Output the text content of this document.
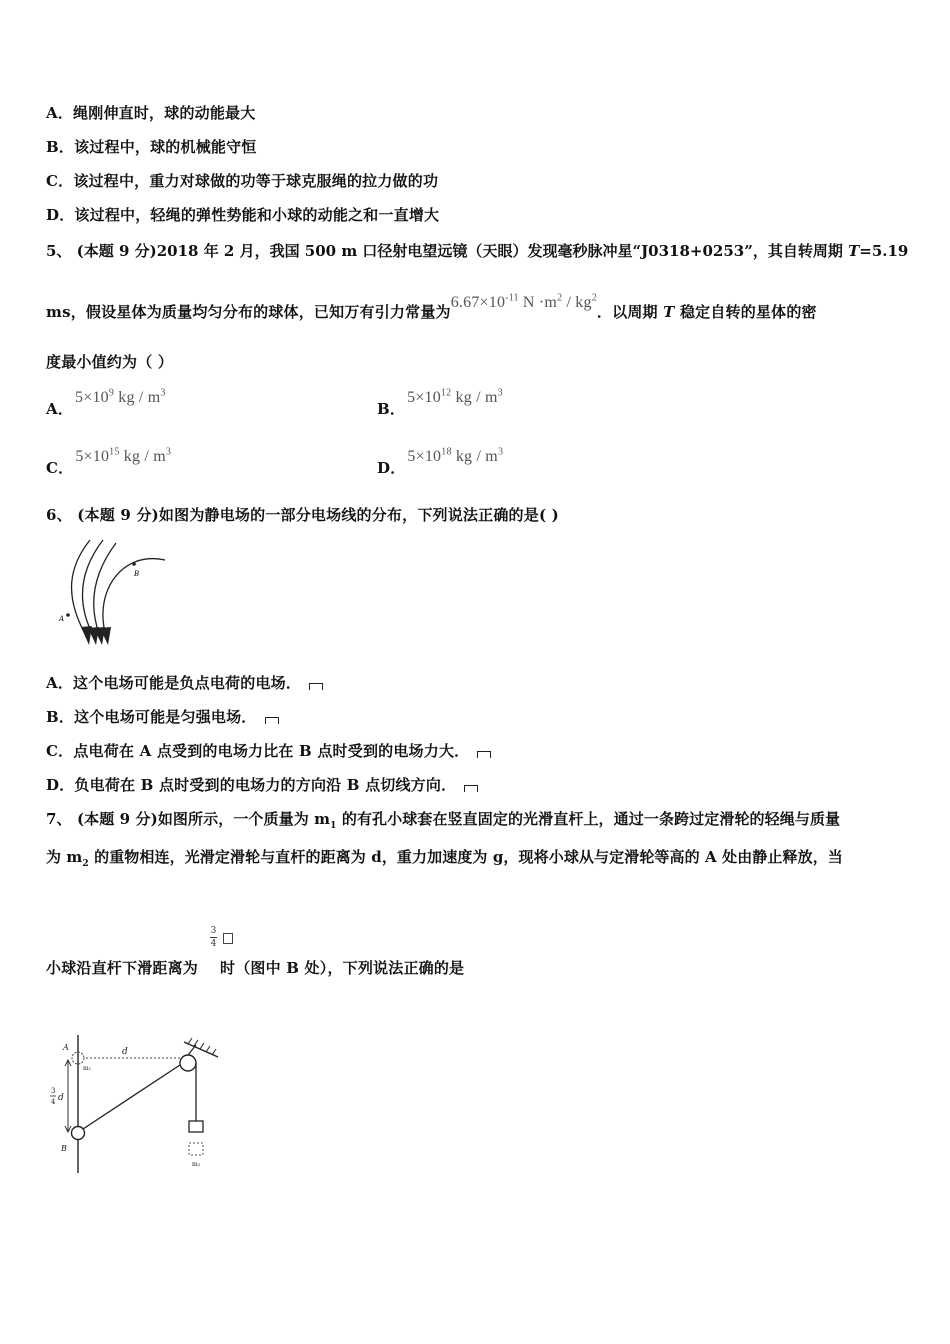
A．绳刚伸直时，球的动能最大
B．该过程中，球的机械能守恒
C．该过程中，重力对球做的功等于球克服绳的拉力做的功
D．该过程中，轻绳的弹性势能和小球的动能之和一直增大
5、 (本题 9 分)2018 年 2 月，我国 500 m 口径射电望远镜（天眼）发现毫秒脉冲星“J0318+0253”，其自转周期 T=5.19
ms，假设星体为质量均匀分布的球体，已知万有引力常量为$6.67\times 10^{-11}$ $N \cdot m^2 / kg^2$．以周期 T 稳定自转的星体的密
度最小值约为（ ）
A．$5\times 10^9$ kg / $m^3$
B．$5\times 10^{12}$ kg / $m^3$
C．$5\times 10^{15}$ kg / $m^3$
D．$5\times 10^{18}$ kg / $m^3$
6、 (本题 9 分)如图为静电场的一部分电场线的分布，下列说法正确的是( )
A
B
A．这个电场可能是负点电荷的电场．
B．这个电场可能是匀强电场．
C．点电荷在 A 点受到的电场力比在 B 点时受到的电场力大．
D．负电荷在 B 点时受到的电场力的方向沿 B 点切线方向．
7、 (本题 9 分)如图所示，一个质量为 $m_1$ 的有孔小球套在竖直固定的光滑直杆上，通过一条跨过定滑轮的轻绳与质量
为 $m_2$ 的重物相连，光滑定滑轮与直杆的距离为 d，重力加速度为 g，现将小球从与定滑轮等高的 A 处由静止释放，当
3
4
小球沿直杆下滑距离为 时（图中 B 处），下列说法正确的是
A
B
d
m₁
m₂
3
4 d
